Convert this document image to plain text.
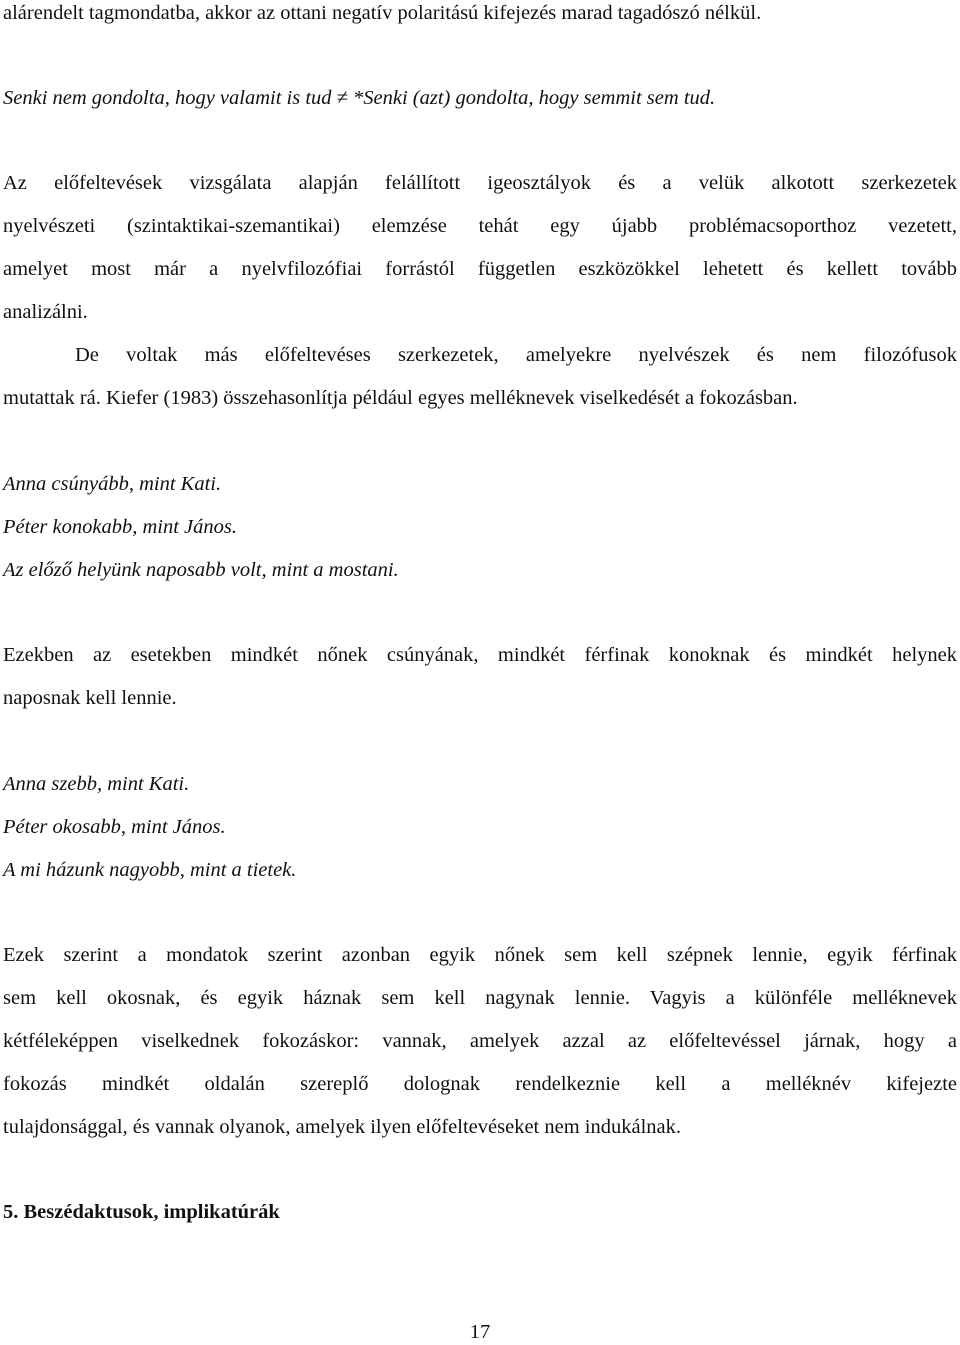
alárendelt tagmondatba, akkor az ottani negatív polaritású kifejezés marad tagadószó nélkül.
Senki nem gondolta, hogy valamit is tud ≠ *Senki (azt) gondolta, hogy semmit sem tud.
Az előfeltevések vizsgálata alapján felállított igeosztályok és a velük alkotott szerkezetek
nyelvészeti (szintaktikai-szemantikai) elemzése tehát egy újabb problémacsoporthoz vezetett,
amelyet most már a nyelvfilozófiai forrástól független eszközökkel lehetett és kellett tovább
analizálni.
De voltak más előfeltevéses szerkezetek, amelyekre nyelvészek és nem filozófusok
mutattak rá. Kiefer (1983) összehasonlítja például egyes melléknevek viselkedését a fokozásban.
Anna csúnyább, mint Kati.
Péter konokabb, mint János.
Az előző helyünk naposabb volt, mint a mostani.
Ezekben az esetekben mindkét nőnek csúnyának, mindkét férfinak konoknak és mindkét helynek
naposnak kell lennie.
Anna szebb, mint Kati.
Péter okosabb, mint János.
A mi házunk nagyobb, mint a tietek.
Ezek szerint a mondatok szerint azonban egyik nőnek sem kell szépnek lennie, egyik férfinak
sem kell okosnak, és egyik háznak sem kell nagynak lennie. Vagyis a különféle melléknevek
kétféleképpen viselkednek fokozáskor: vannak, amelyek azzal az előfeltevéssel járnak, hogy a
fokozás mindkét oldalán szereplő dolognak rendelkeznie kell a melléknév kifejezte
tulajdonsággal, és vannak olyanok, amelyek ilyen előfeltevéseket nem indukálnak.
5. Beszédaktusok, implikatúrák
17
